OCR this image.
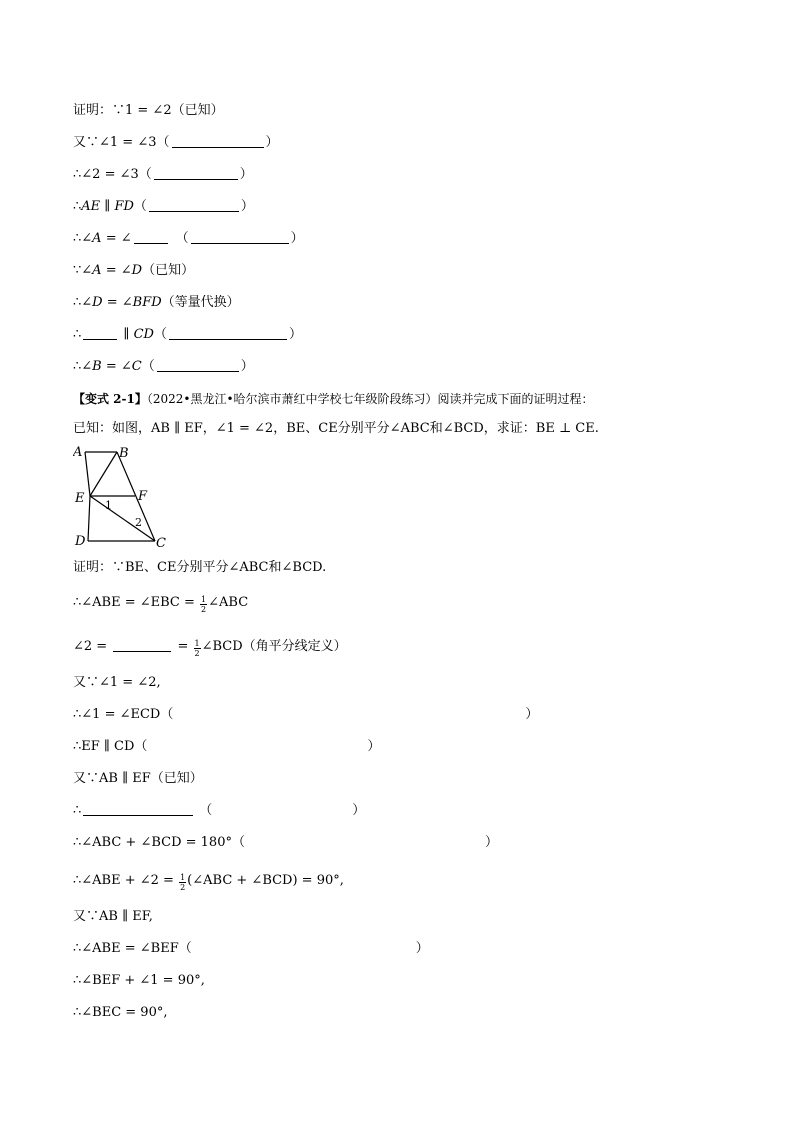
证明：∵1 = ∠2（已知）
又∵∠1 = ∠3（	）
∴∠2 = ∠3（	）
∴AE ∥ FD（	）
∴∠A = ∠	（	）
∵∠A = ∠D（已知）
∴∠D = ∠BFD（等量代换）
∴	∥ CD（	）
∴∠B = ∠C（	）
【变式 2-1】（2022•黑龙江•哈尔滨市萧红中学校七年级阶段练习）阅读并完成下面的证明过程：
已知：如图，AB ∥ EF，∠1 = ∠2，BE、CE分别平分∠ABC和∠BCD，求证：BE ⊥ CE.
A	B
E	F
D	C
1
2
证明：∵BE、CE分别平分∠ABC和∠BCD.
∴∠ABE = ∠EBC = $\frac{1}{2}$ ∠ABC
∠2 =	= $\frac{1}{2}$ ∠BCD（角平分线定义）
又∵∠1 = ∠2,
∴∠1 = ∠ECD（	）
∴EF ∥ CD（	）
又∵AB ∥ EF（已知）
∴	（	）
∴∠ABC + ∠BCD = 180°（	）
∴∠ABE + ∠2 = $\frac{1}{2}$ (∠ABC + ∠BCD) = 90°,
又∵AB ∥ EF,
∴∠ABE = ∠BEF（	）
∴∠BEF + ∠1 = 90°,
∴∠BEC = 90°,
